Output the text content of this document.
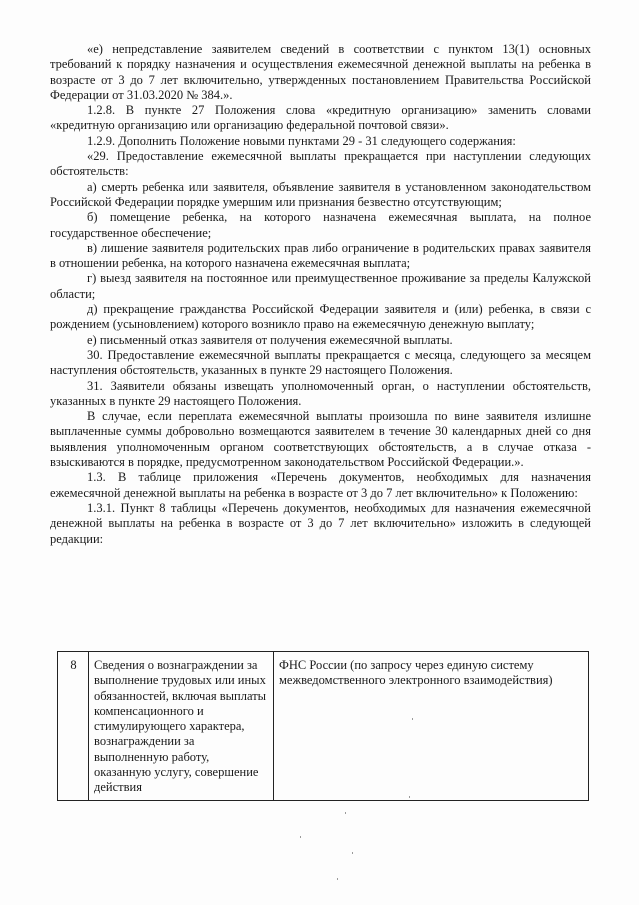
«е) непредставление заявителем сведений в соответствии с пунктом 13(1) основных требований к порядку назначения и осуществления ежемесячной денежной выплаты на ребенка в возрасте от 3 до 7 лет включительно, утвержденных постановлением Правительства Российской Федерации от 31.03.2020 № 384.».

1.2.8. В пункте 27 Положения слова «кредитную организацию» заменить словами «кредитную организацию или организацию федеральной почтовой связи».

1.2.9. Дополнить Положение новыми пунктами 29 - 31 следующего содержания:

«29. Предоставление ежемесячной выплаты прекращается при наступлении следующих обстоятельств:

а) смерть ребенка или заявителя, объявление заявителя в установленном законодательством Российской Федерации порядке умершим или признания безвестно отсутствующим;

б) помещение ребенка, на которого назначена ежемесячная выплата, на полное государственное обеспечение;

в) лишение заявителя родительских прав либо ограничение в родительских правах заявителя в отношении ребенка, на которого назначена ежемесячная выплата;

г) выезд заявителя на постоянное или преимущественное проживание за пределы Калужской области;

д) прекращение гражданства Российской Федерации заявителя и (или) ребенка, в связи с рождением (усыновлением) которого возникло право на ежемесячную денежную выплату;

е) письменный отказ заявителя от получения ежемесячной выплаты.

30. Предоставление ежемесячной выплаты прекращается с месяца, следующего за месяцем наступления обстоятельств, указанных в пункте 29 настоящего Положения.

31. Заявители обязаны извещать уполномоченный орган, о наступлении обстоятельств, указанных в пункте 29 настоящего Положения.

В случае, если переплата ежемесячной выплаты произошла по вине заявителя излишне выплаченные суммы добровольно возмещаются заявителем в течение 30 календарных дней со дня выявления уполномоченным органом соответствующих обстоятельств, а в случае отказа - взыскиваются в порядке, предусмотренном законодательством Российской Федерации.».

1.3. В таблице приложения «Перечень документов, необходимых для назначения ежемесячной денежной выплаты на ребенка в возрасте от 3 до 7 лет включительно» к Положению:

1.3.1. Пункт 8 таблицы «Перечень документов, необходимых для назначения ежемесячной денежной выплаты на ребенка в возрасте от 3 до 7 лет включительно» изложить в следующей редакции:

8	Сведения о вознаграждении за выполнение трудовых или иных обязанностей, включая выплаты компенсационного и стимулирующего характера, вознаграждении за выполненную работу, оказанную услугу, совершение действия	ФНС России (по запросу через единую систему межведомственного электронного взаимодействия)
